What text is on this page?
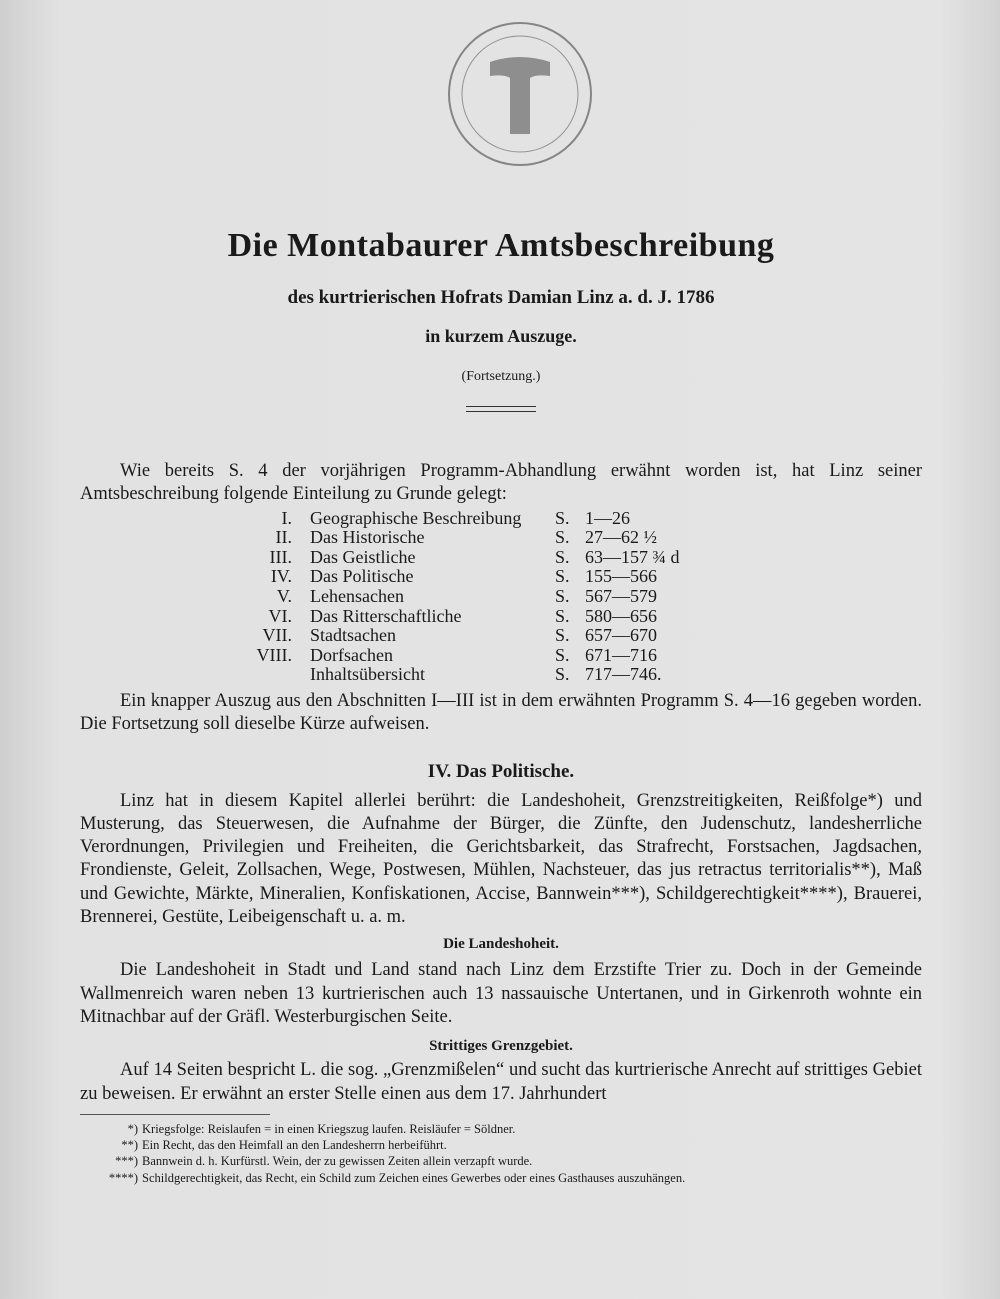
Die Montabaurer Amtsbeschreibung
des kurtrierischen Hofrats Damian Linz a. d. J. 1786
in kurzem Auszuge.
(Fortsetzung.)
Wie bereits S. 4 der vorjährigen Programm-Abhandlung erwähnt worden ist, hat Linz seiner Amtsbeschreibung folgende Einteilung zu Grunde gelegt:
I.	Geographische Beschreibung	S.	1—26
II.	Das Historische	S.	27—62 ½
III.	Das Geistliche	S.	63—157 ¾ d
IV.	Das Politische	S.	155—566
V.	Lehensachen	S.	567—579
VI.	Das Ritterschaftliche	S.	580—656
VII.	Stadtsachen	S.	657—670
VIII.	Dorfsachen	S.	671—716
	Inhaltsübersicht	S.	717—746.
Ein knapper Auszug aus den Abschnitten I—III ist in dem erwähnten Programm S. 4—16 gegeben worden. Die Fortsetzung soll dieselbe Kürze aufweisen.
IV. Das Politische.
Linz hat in diesem Kapitel allerlei berührt: die Landeshoheit, Grenzstreitigkeiten, Reißfolge*) und Musterung, das Steuerwesen, die Aufnahme der Bürger, die Zünfte, den Judenschutz, landesherrliche Verordnungen, Privilegien und Freiheiten, die Gerichtsbarkeit, das Strafrecht, Forstsachen, Jagdsachen, Frondienste, Geleit, Zollsachen, Wege, Postwesen, Mühlen, Nachsteuer, das jus retractus territorialis**), Maß und Gewichte, Märkte, Mineralien, Konfiskationen, Accise, Bannwein***), Schildgerechtigkeit****), Brauerei, Brennerei, Gestüte, Leibeigenschaft u. a. m.
Die Landeshoheit.
Die Landeshoheit in Stadt und Land stand nach Linz dem Erzstifte Trier zu. Doch in der Gemeinde Wallmenreich waren neben 13 kurtrierischen auch 13 nassauische Untertanen, und in Girkenroth wohnte ein Mitnachbar auf der Gräfl. Westerburgischen Seite.
Strittiges Grenzgebiet.
Auf 14 Seiten bespricht L. die sog. „Grenzmißelen“ und sucht das kurtrierische Anrecht auf strittiges Gebiet zu beweisen. Er erwähnt an erster Stelle einen aus dem 17. Jahrhundert
*) Kriegsfolge: Reislaufen = in einen Kriegszug laufen. Reisläufer = Söldner.
**) Ein Recht, das den Heimfall an den Landesherrn herbeiführt.
***) Bannwein d. h. Kurfürstl. Wein, der zu gewissen Zeiten allein verzapft wurde.
****) Schildgerechtigkeit, das Recht, ein Schild zum Zeichen eines Gewerbes oder eines Gasthauses auszuhängen.
